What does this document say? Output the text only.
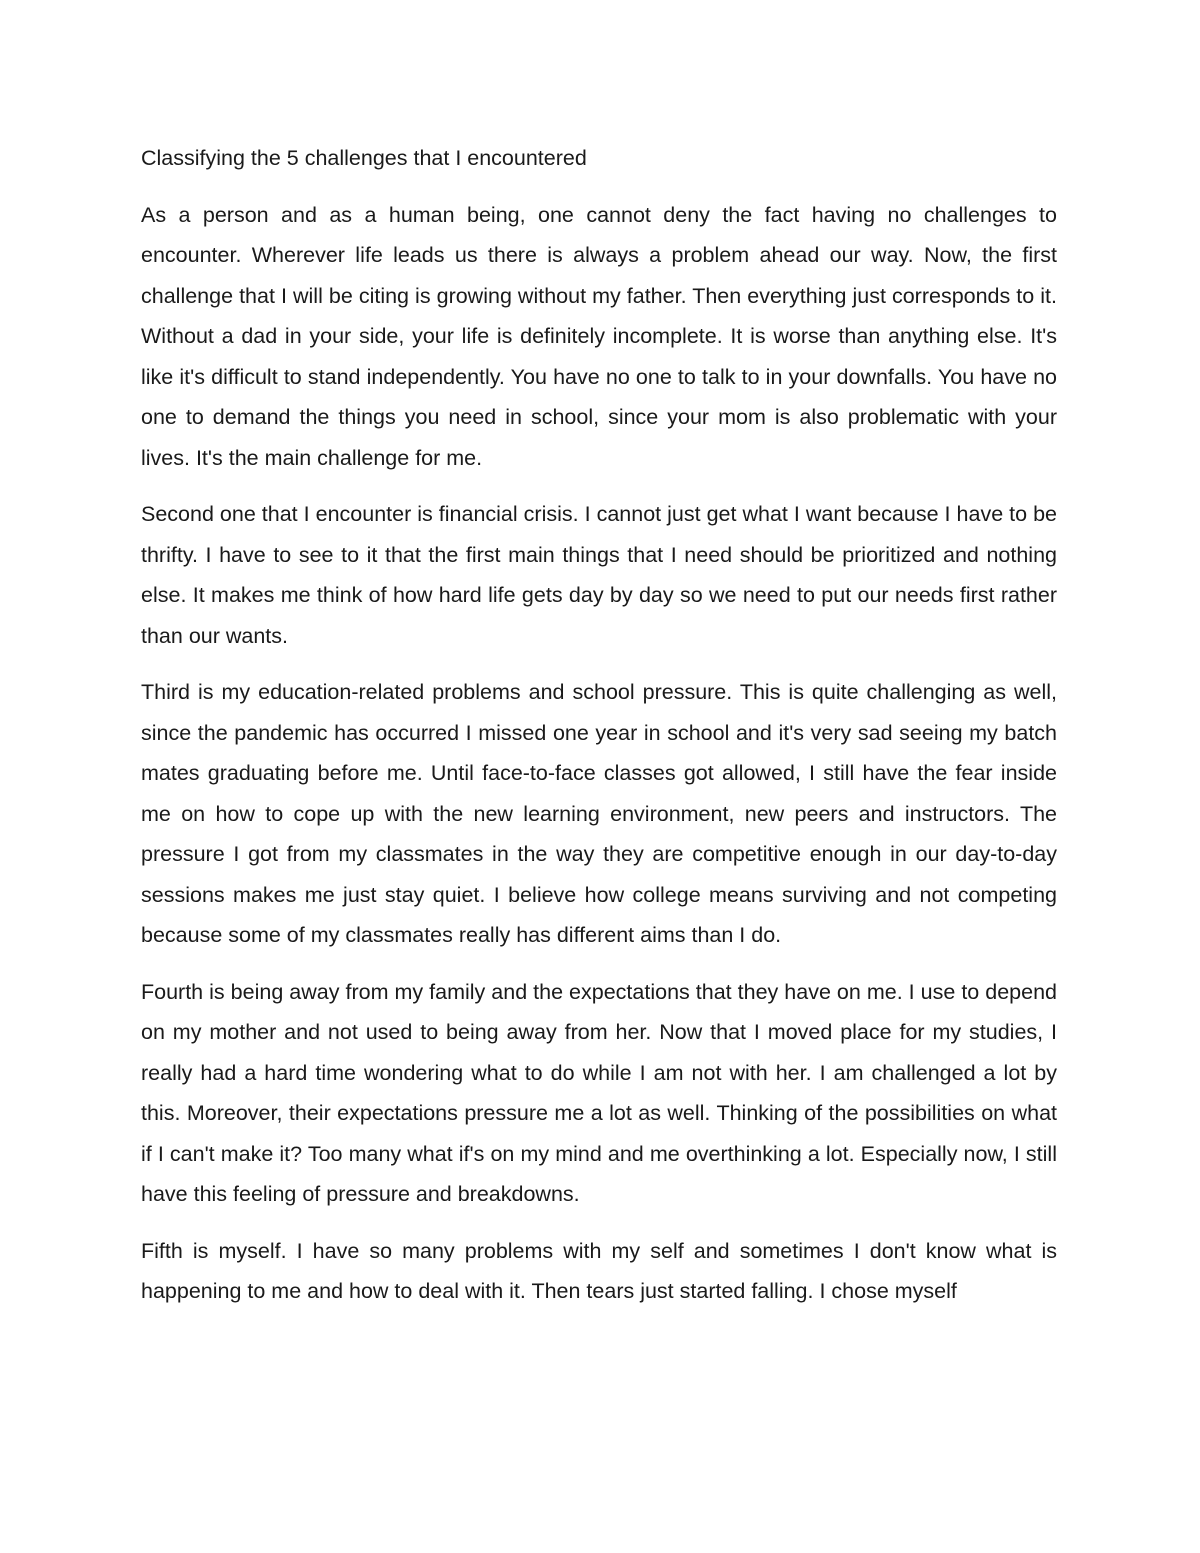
Classifying the 5 challenges that I encountered

As a person and as a human being, one cannot deny the fact having no challenges to encounter. Wherever life leads us there is always a problem ahead our way. Now, the first challenge that I will be citing is growing without my father. Then everything just corresponds to it. Without a dad in your side, your life is definitely incomplete. It is worse than anything else. It's like it's difficult to stand independently. You have no one to talk to in your downfalls. You have no one to demand the things you need in school, since your mom is also problematic with your lives. It's the main challenge for me.

Second one that I encounter is financial crisis. I cannot just get what I want because I have to be thrifty. I have to see to it that the first main things that I need should be prioritized and nothing else. It makes me think of how hard life gets day by day so we need to put our needs first rather than our wants.

Third is my education-related problems and school pressure. This is quite challenging as well, since the pandemic has occurred I missed one year in school and it's very sad seeing my batch mates graduating before me. Until face-to-face classes got allowed, I still have the fear inside me on how to cope up with the new learning environment, new peers and instructors. The pressure I got from my classmates in the way they are competitive enough in our day-to-day sessions makes me just stay quiet. I believe how college means surviving and not competing because some of my classmates really has different aims than I do.

Fourth is being away from my family and the expectations that they have on me. I use to depend on my mother and not used to being away from her. Now that I moved place for my studies, I really had a hard time wondering what to do while I am not with her. I am challenged a lot by this. Moreover, their expectations pressure me a lot as well. Thinking of the possibilities on what if I can't make it? Too many what if's on my mind and me overthinking a lot. Especially now, I still have this feeling of pressure and breakdowns.

Fifth is myself. I have so many problems with my self and sometimes I don't know what is happening to me and how to deal with it. Then tears just started falling. I chose myself
